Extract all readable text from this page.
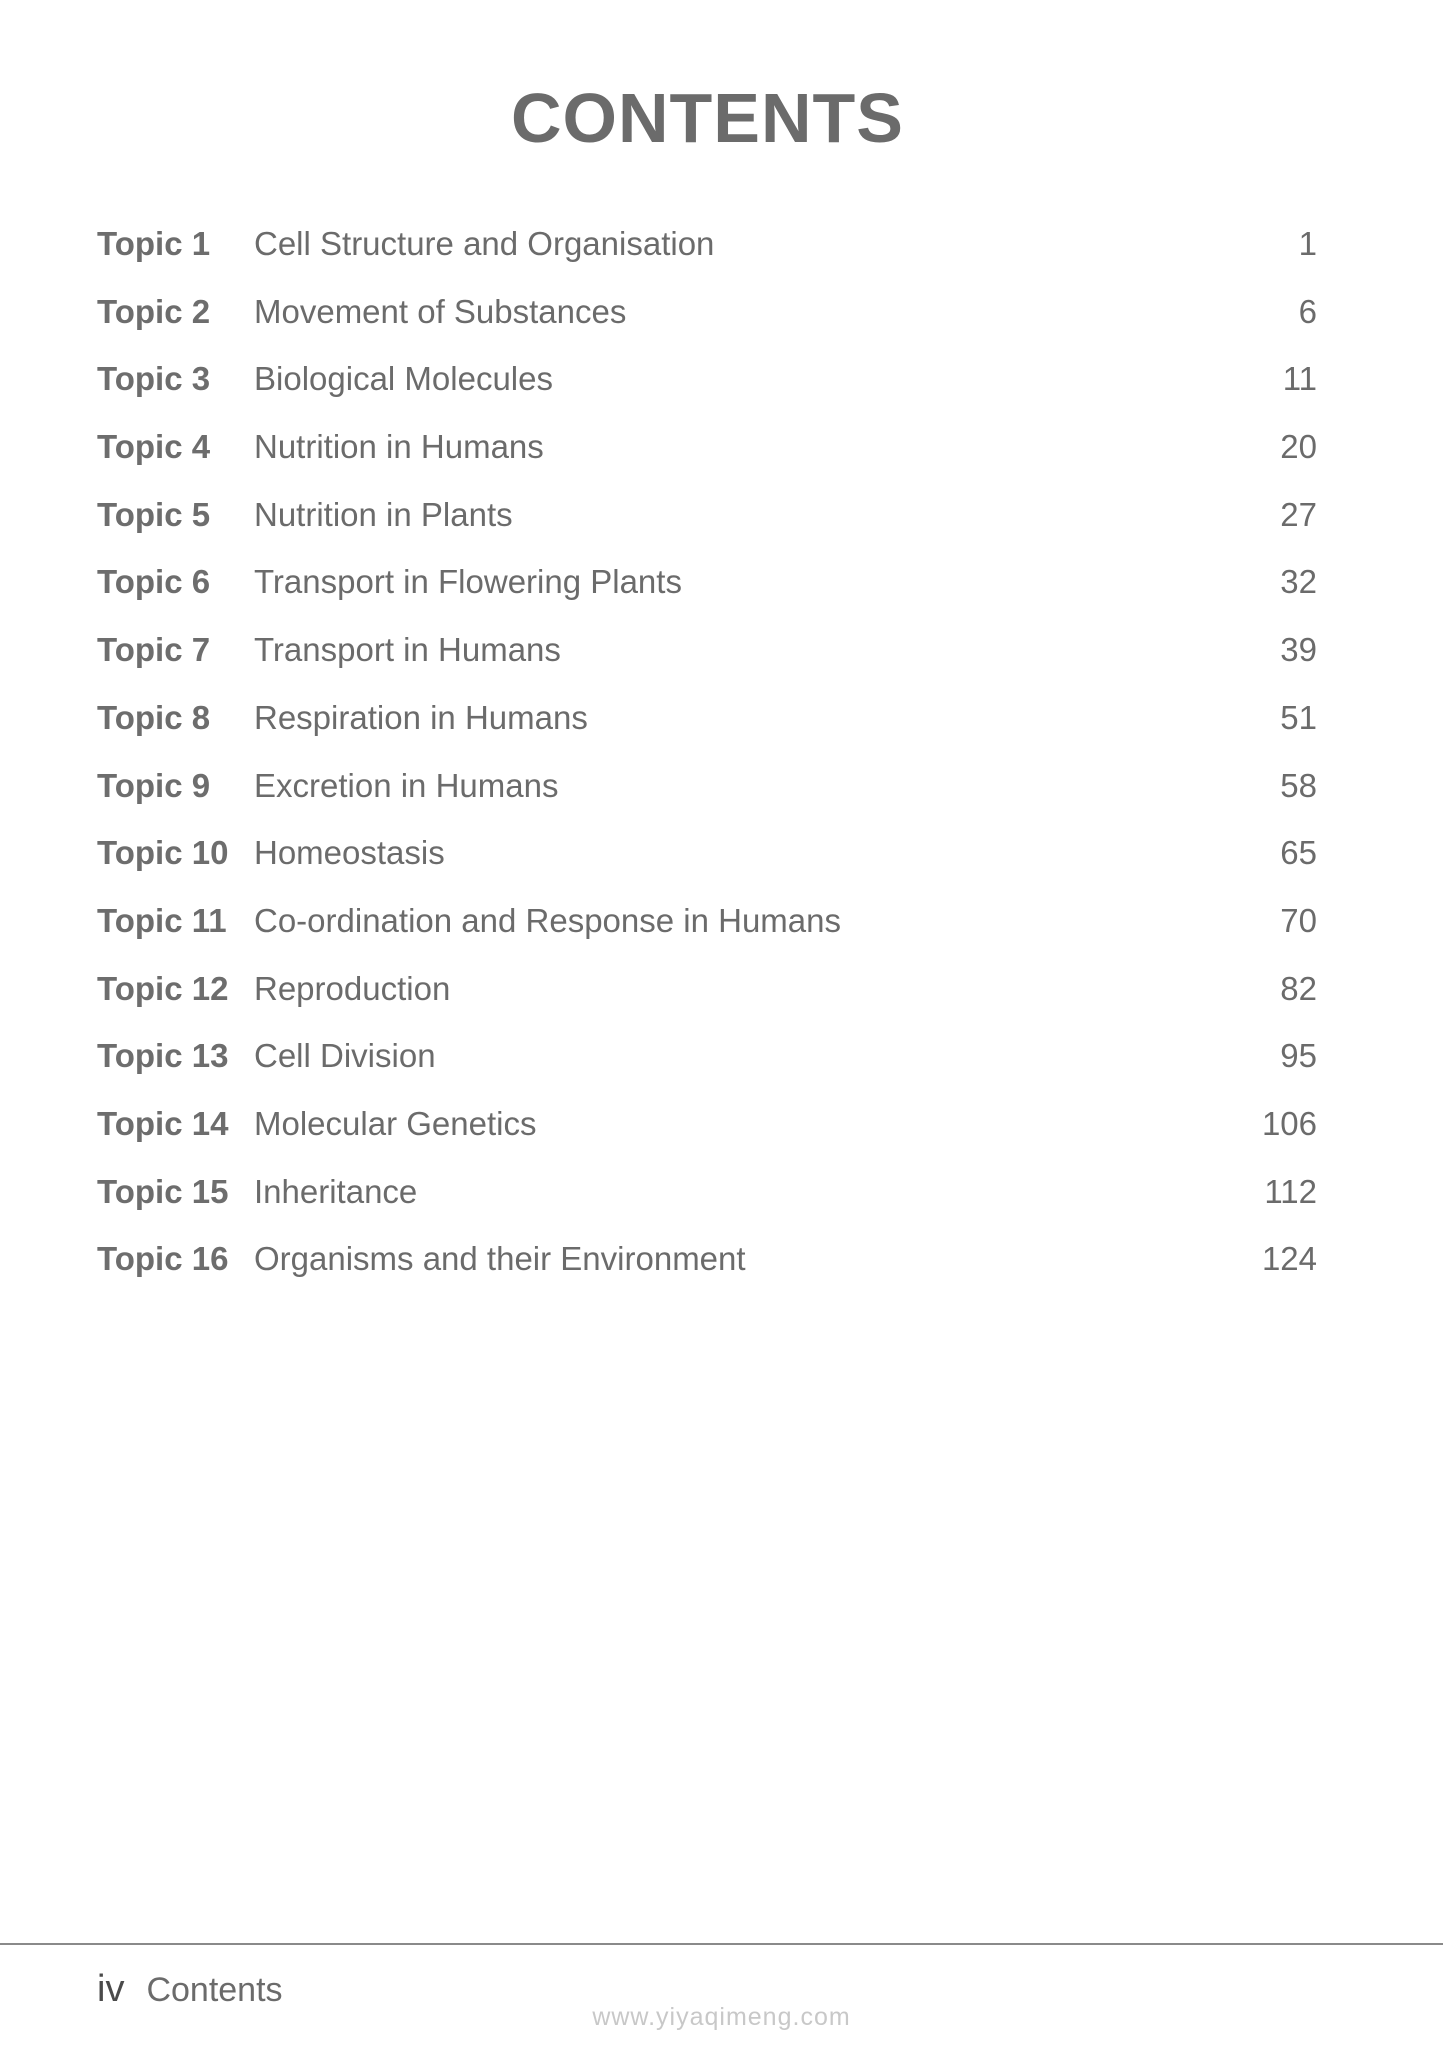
CONTENTS
Topic 1 Cell Structure and Organisation	1
Topic 2 Movement of Substances	6
Topic 3 Biological Molecules	11
Topic 4 Nutrition in Humans	20
Topic 5 Nutrition in Plants	27
Topic 6 Transport in Flowering Plants	32
Topic 7 Transport in Humans	39
Topic 8 Respiration in Humans	51
Topic 9 Excretion in Humans	58
Topic 10 Homeostasis	65
Topic 11 Co-ordination and Response in Humans	70
Topic 12 Reproduction	82
Topic 13 Cell Division	95
Topic 14 Molecular Genetics	106
Topic 15 Inheritance	112
Topic 16 Organisms and their Environment	124
iv Contents
www.yiyaqimeng.com
